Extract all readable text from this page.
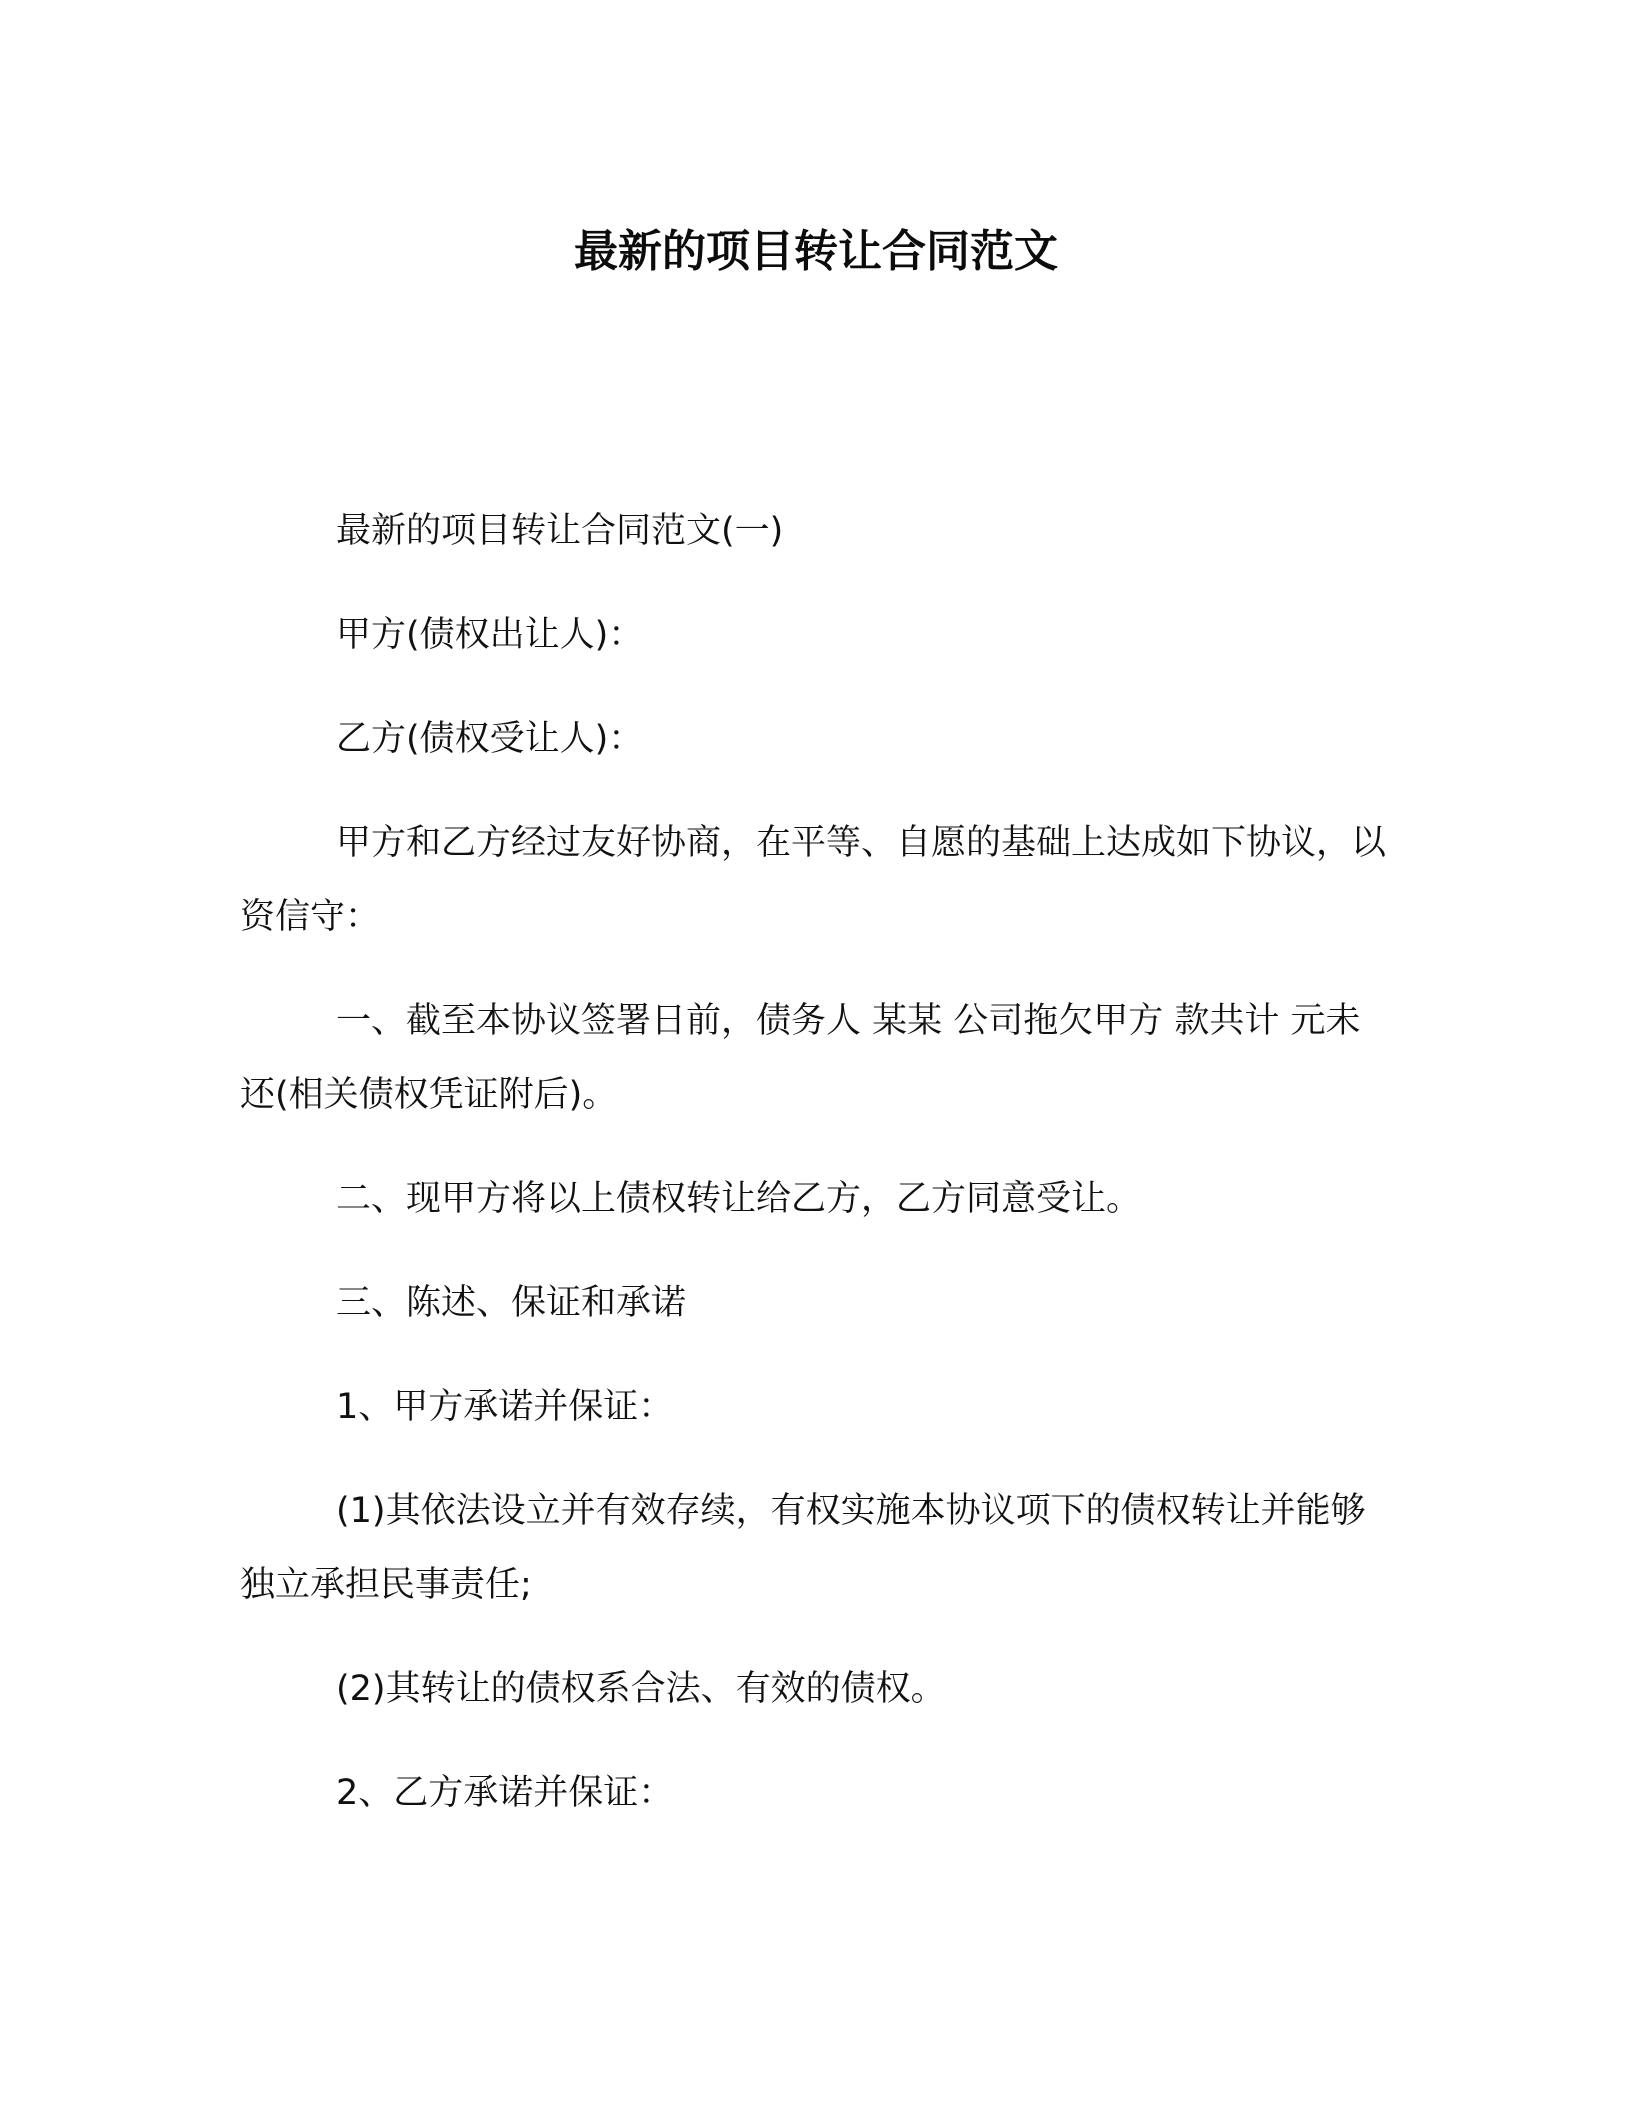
最新的项目转让合同范文

最新的项目转让合同范文(一)

甲方(债权出让人)：

乙方(债权受让人)：

甲方和乙方经过友好协商，在平等、自愿的基础上达成如下协议，以资信守：

一、截至本协议签署日前，债务人 某某 公司拖欠甲方 款共计 元未还(相关债权凭证附后)。

二、现甲方将以上债权转让给乙方，乙方同意受让。

三、陈述、保证和承诺

1、甲方承诺并保证：

(1)其依法设立并有效存续，有权实施本协议项下的债权转让并能够独立承担民事责任;

(2)其转让的债权系合法、有效的债权。

2、乙方承诺并保证：
